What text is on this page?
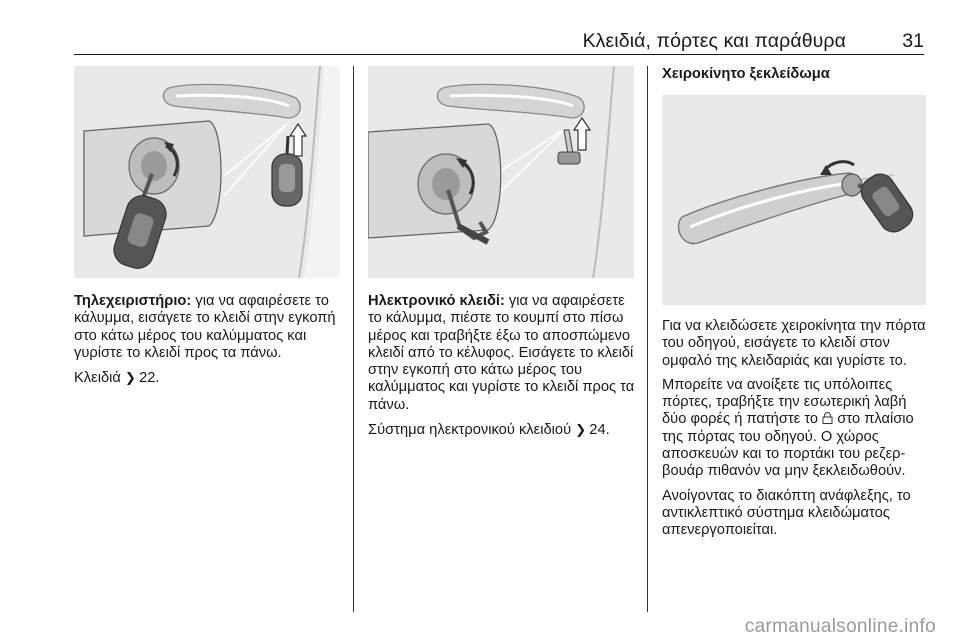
Κλειδιά, πόρτες και παράθυρα	31

Τηλεχειριστήριο: για να αφαιρέσετε το κάλυμμα, εισάγετε το κλειδί στην εγκοπή στο κάτω μέρος του καλύμματος και γυρίστε το κλειδί προς τα πάνω.

Κλειδιά ❯ 22.

Ηλεκτρονικό κλειδί: για να αφαιρέσετε το κάλυμμα, πιέστε το κουμπί στο πίσω μέρος και τραβήξτε έξω το αποσπώμενο κλειδί από το κέλυφος. Εισάγετε το κλειδί στην εγκοπή στο κάτω μέρος του καλύμματος και γυρίστε το κλειδί προς τα πάνω.

Σύστημα ηλεκτρονικού κλειδιού ❯ 24.

Χειροκίνητο ξεκλείδωμα

Για να κλειδώσετε χειροκίνητα την πόρτα του οδηγού, εισάγετε το κλειδί στον ομφαλό της κλειδαριάς και γυρίστε το.

Μπορείτε να ανοίξετε τις υπόλοιπες πόρτες, τραβήξτε την εσωτερική λαβή δύο φορές ή πατήστε το στο πλαίσιο της πόρτας του οδηγού. Ο χώρος αποσκευών και το πορτάκι του ρεζερβουάρ πιθανόν να μην ξεκλειδωθούν.

Ανοίγοντας το διακόπτη ανάφλεξης, το αντικλεπτικό σύστημα κλειδώματος απενεργοποιείται.

carmanualsonline.info
